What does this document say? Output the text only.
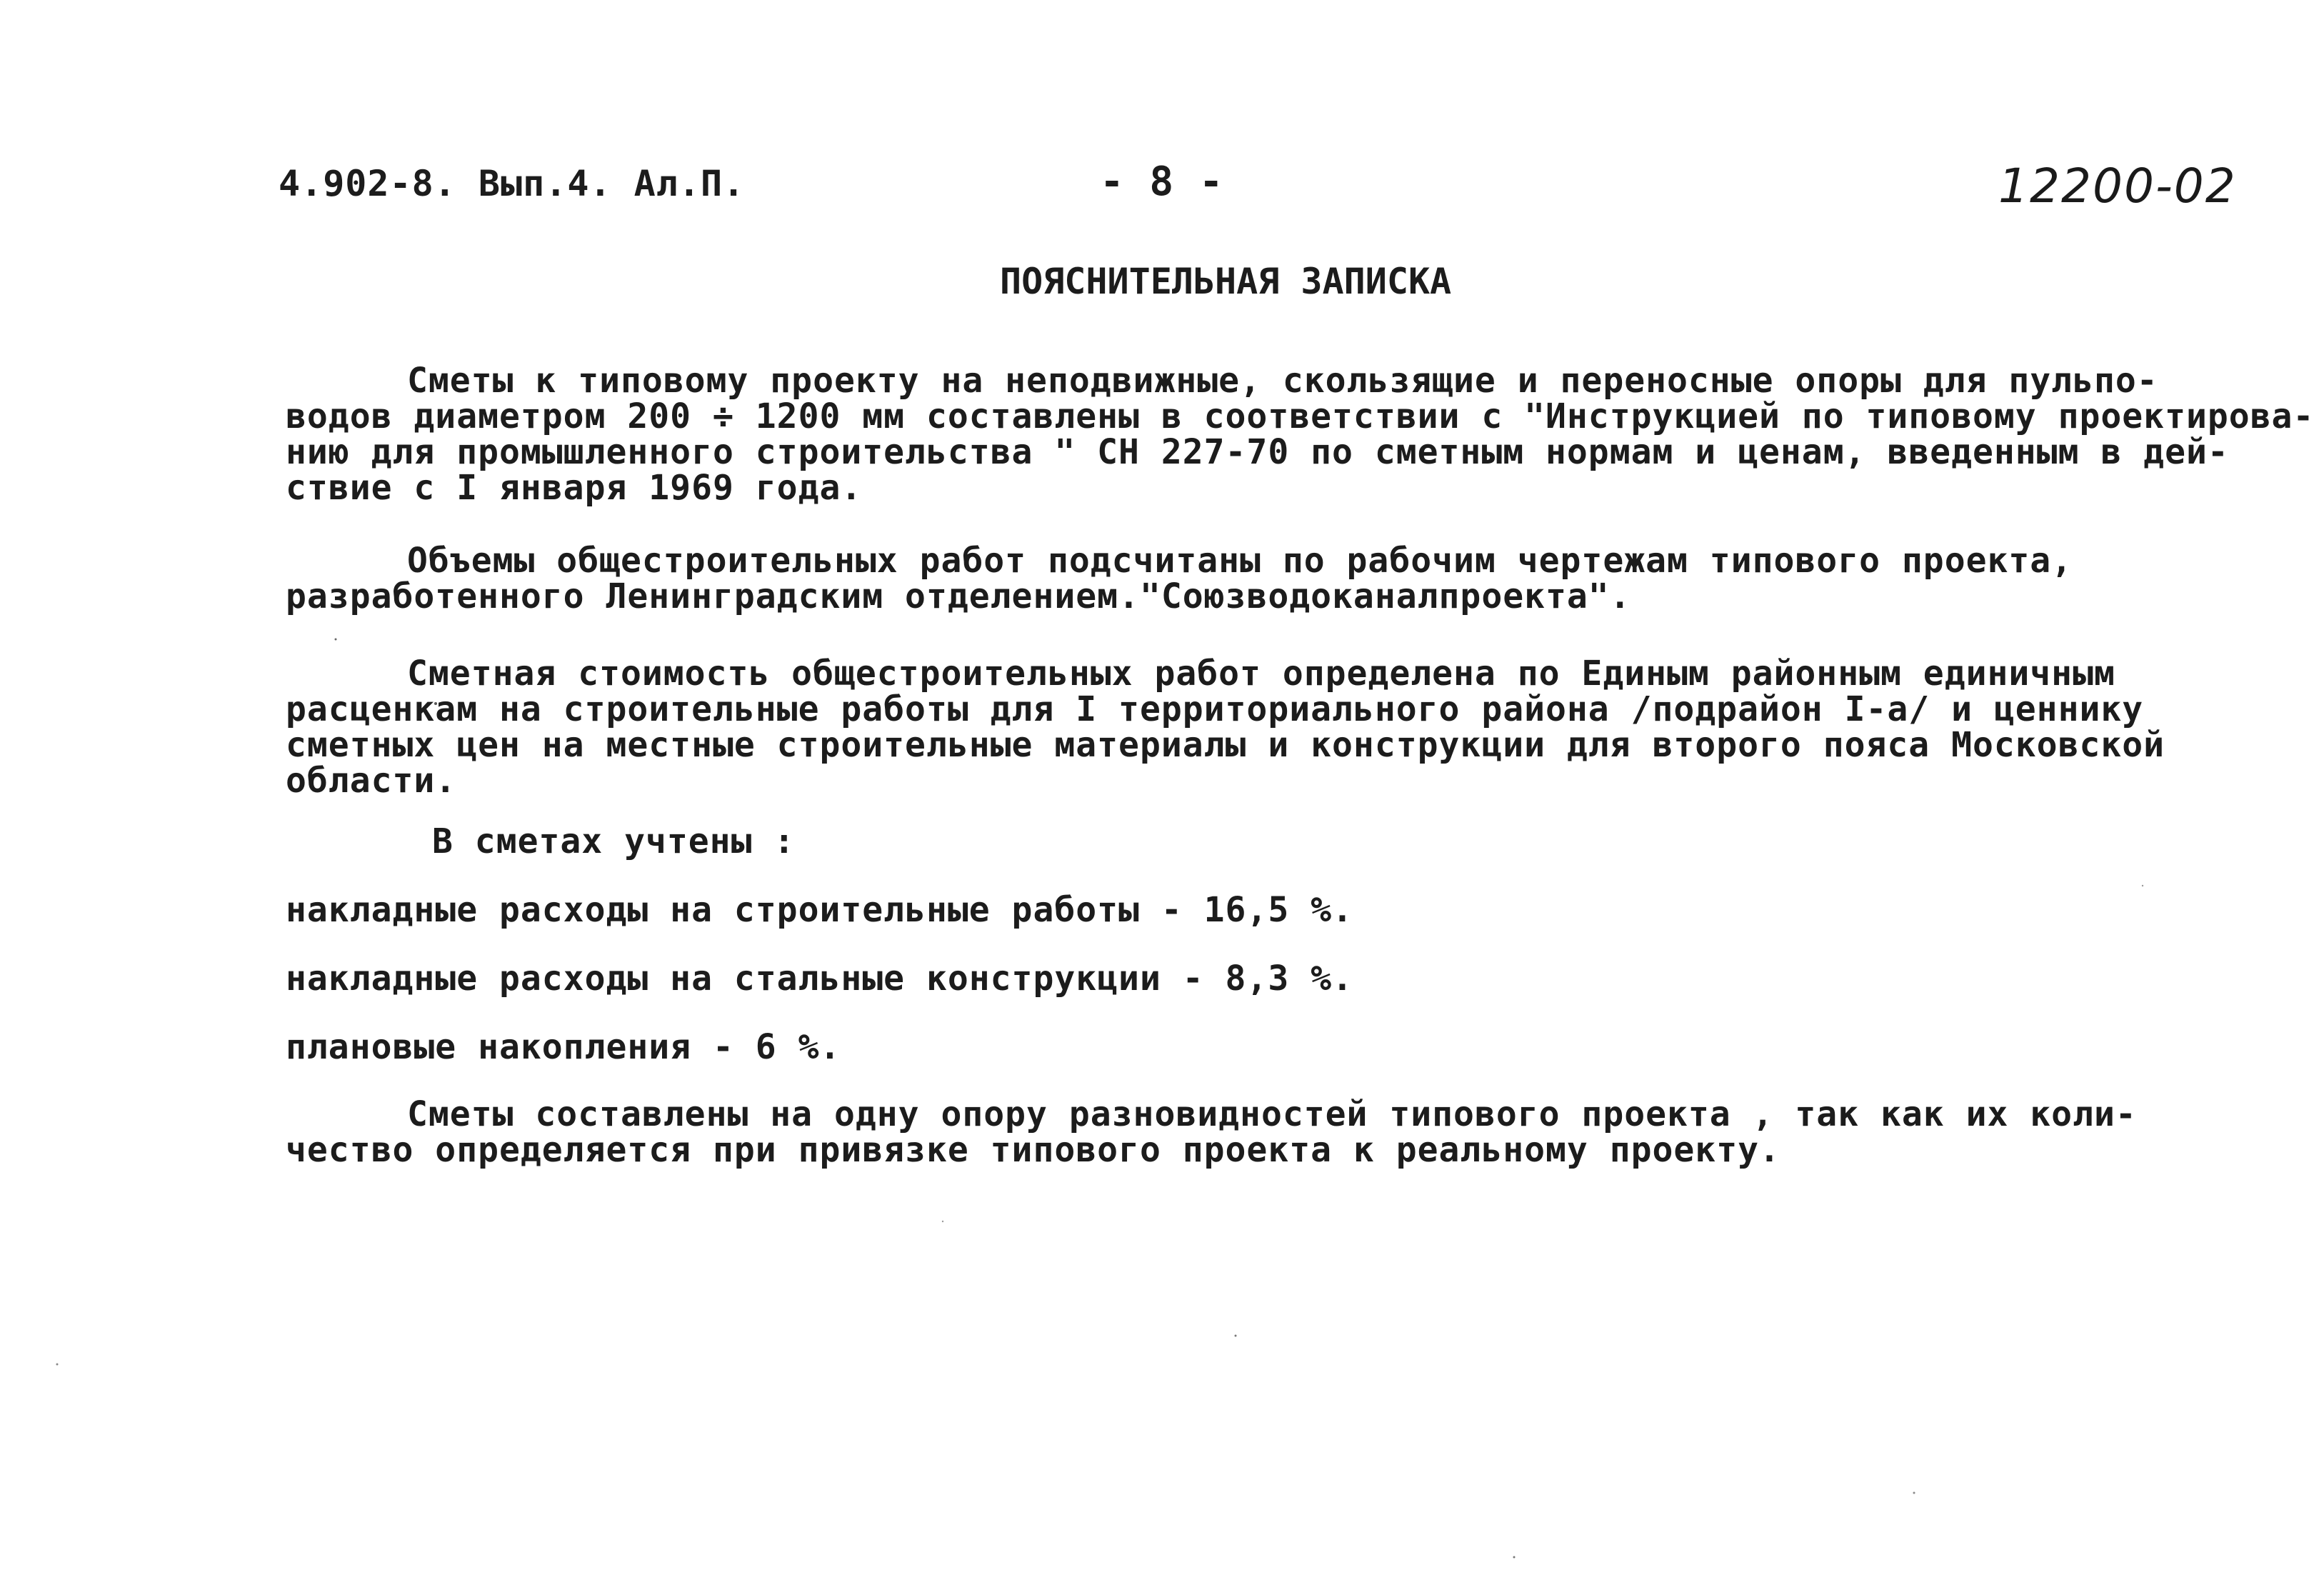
4.902-8. Вып.4. Ал.П.	- 8 -	12200-02
ПОЯСНИТЕЛЬНАЯ ЗАПИСКА
Сметы к типовому проекту на неподвижные, скользящие и переносные опоры для пульпо-
водов диаметром 200 ÷ 1200 мм составлены в соответствии с "Инструкцией по типовому проектирова-
нию для промышленного строительства " СН 227-70 по сметным нормам и ценам, введенным в дей-
ствие с I января 1969 года.
Объемы общестроительных работ подсчитаны по рабочим чертежам типового проекта,
разработенного Ленинградским отделением."Союзводоканалпроекта".
Сметная стоимость общестроительных работ определена по Единым районным единичным
расценкам на строительные работы для I территориального района /подрайон I-а/ и ценнику
сметных цен на местные строительные материалы и конструкции для второго пояса Московской
области.
В сметах учтены :
накладные расходы на строительные работы - 16,5 %.
накладные расходы на стальные конструкции - 8,3 %.
плановые накопления - 6 %.
Сметы составлены на одну опору разновидностей типового проекта , так как их коли-
чество определяется при привязке типового проекта к реальному проекту.
